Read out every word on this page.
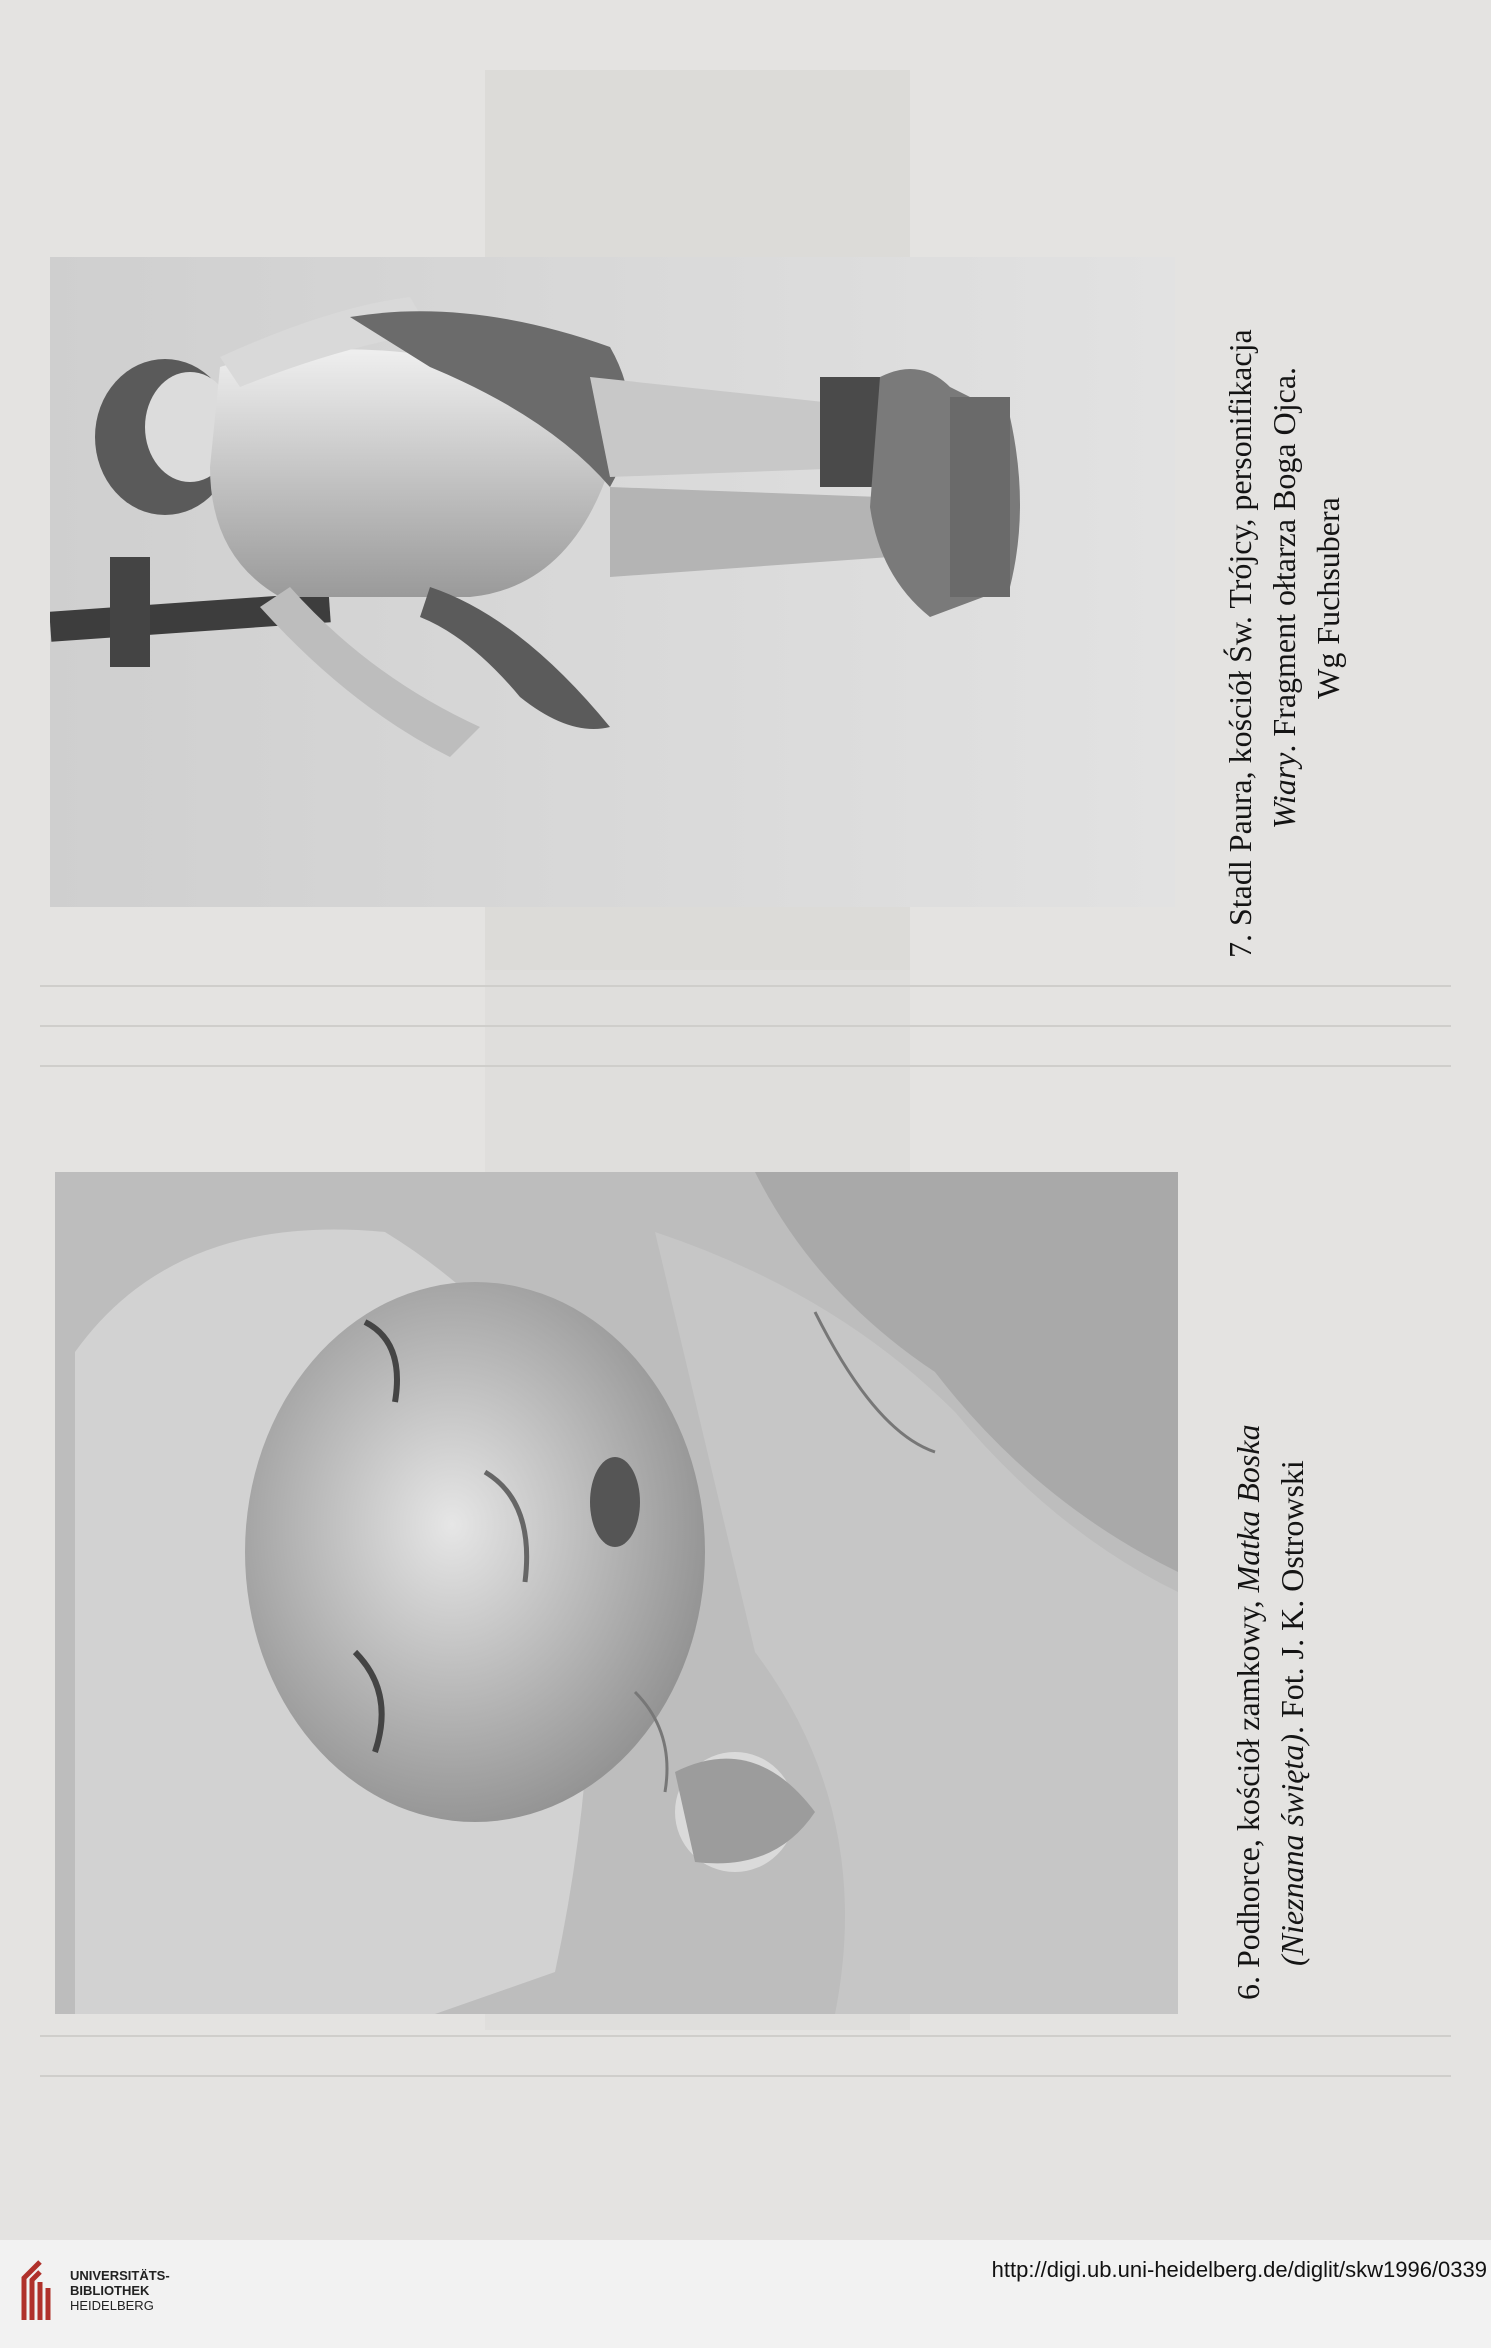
7. Stadl Paura, kościół Św. Trójcy, personifikacja Wiary. Fragment ołtarza Boga Ojca. Wg Fuchsubera
6. Podhorce, kościół zamkowy, Matka Boska
(Nieznana święta). Fot. J. K. Ostrowski
UNIVERSITÄTS-
BIBLIOTHEK
HEIDELBERG
http://digi.ub.uni-heidelberg.de/diglit/skw1996/0339
